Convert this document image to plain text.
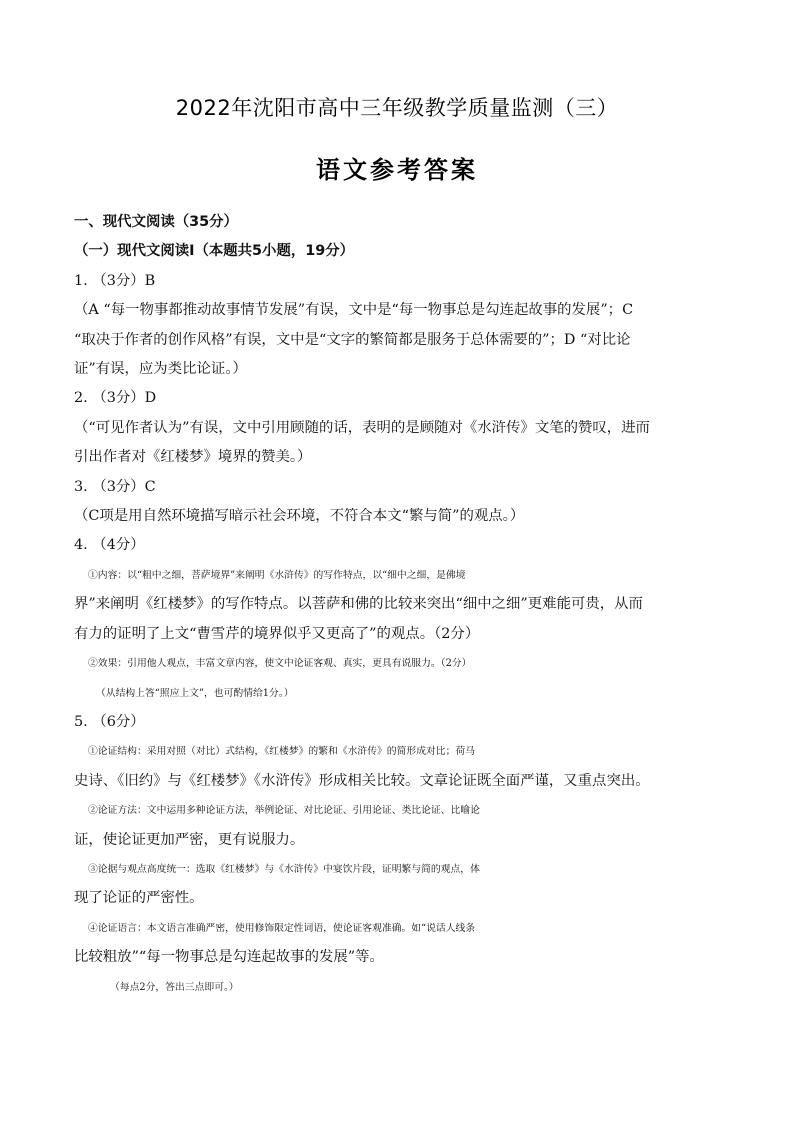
2022年沈阳市高中三年级教学质量监测（三）
语文参考答案
一、现代文阅读（35分）
（一）现代文阅读Ⅰ（本题共5小题，19分）
1. （3分）B
（A “每一物事都推动故事情节发展”有误，文中是“每一物事总是勾连起故事的发展”；C
“取决于作者的创作风格”有误，文中是“文字的繁简都是服务于总体需要的”；D “对比论
证”有误，应为类比论证。）
2. （3分）D
（“可见作者认为”有误，文中引用顾随的话，表明的是顾随对《水浒传》文笔的赞叹，进而
引出作者对《红楼梦》境界的赞美。）
3. （3分）C
（C项是用自然环境描写暗示社会环境，不符合本文“繁与简”的观点。）
4. （4分）
①内容：以“粗中之细，菩萨境界”来阐明《水浒传》的写作特点，以“细中之细，是佛境
界”来阐明《红楼梦》的写作特点。以菩萨和佛的比较来突出“细中之细”更难能可贵，从而
有力的证明了上文“曹雪芹的境界似乎又更高了”的观点。（2分）
②效果：引用他人观点，丰富文章内容，使文中论证客观、真实，更具有说服力。（2分）
（从结构上答“照应上文”，也可酌情给1分。）
5. （6分）
①论证结构：采用对照（对比）式结构，《红楼梦》的繁和《水浒传》的简形成对比；荷马
史诗、《旧约》与《红楼梦》《水浒传》形成相关比较。文章论证既全面严谨，又重点突出。
②论证方法：文中运用多种论证方法，举例论证、对比论证、引用论证、类比论证、比喻论
证，使论证更加严密，更有说服力。
③论据与观点高度统一：选取《红楼梦》与《水浒传》中宴饮片段，证明繁与简的观点，体
现了论证的严密性。
④论证语言：本文语言准确严密，使用修饰限定性词语，使论证客观准确。如“说话人线条
比较粗放”“每一物事总是勾连起故事的发展”等。
（每点2分，答出三点即可。）
